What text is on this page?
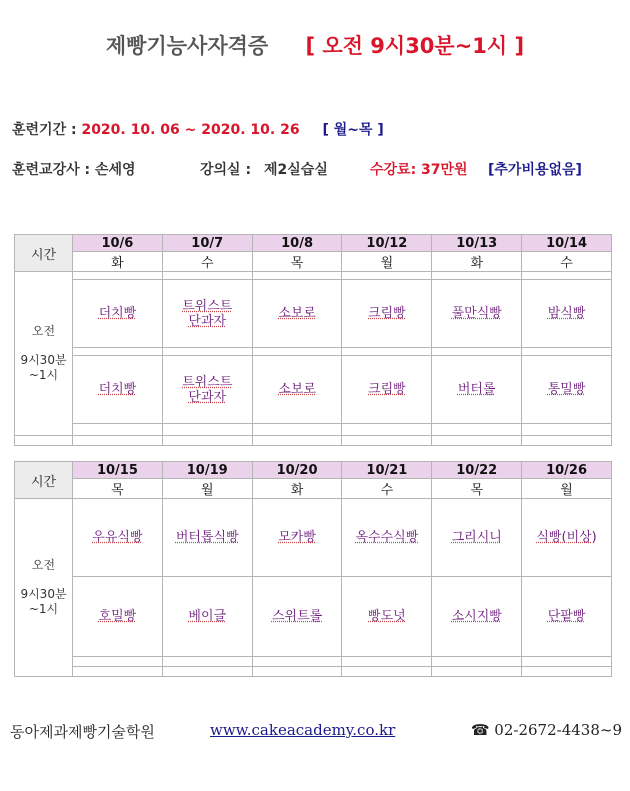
제빵기능사자격증 [ 오전 9시30분~1시 ]
훈련기간 : 2020. 10. 06 ~ 2020. 10. 26 [ 월~목 ]
훈련교강사 : 손세영	강의실 : 제2실습실	수강료: 37만원 [추가비용없음]
시간	10/6	10/7	10/8	10/12	10/13	10/14
	화	수	목	월	화	수

오전
9시30분
~1시						

	더치빵	트위스트
단과자	소보로	크림빵	풀만식빵	밤식빵

	더치빵	트위스트
단과자	소보로	크림빵	버터롤	통밀빵

시간	10/15	10/19	10/20	10/21	10/22	10/26
	목	월	화	수	목	월

오전
9시30분
~1시	우유식빵	버터톱식빵	모카빵	옥수수식빵	그리시니	식빵(비상)
	호밀빵	베이글	스위트롤	빵도넛	소시지빵	단팥빵

동아제과제빵기술학원	www.cakeacademy.co.kr	☎ 02-2672-4438~9
